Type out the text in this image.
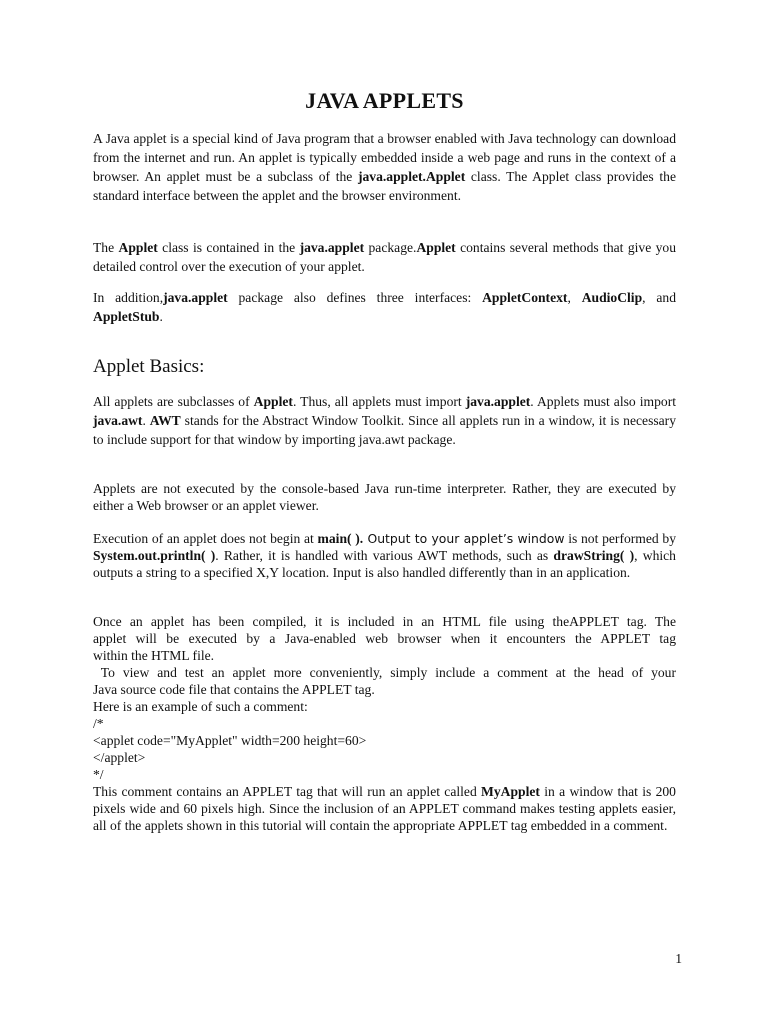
JAVA APPLETS

A Java applet is a special kind of Java program that a browser enabled with Java technology can download from the internet and run. An applet is typically embedded inside a web page and runs in the context of a browser. An applet must be a subclass of the java.applet.Applet class. The Applet class provides the standard interface between the applet and the browser environment.

The Applet class is contained in the java.applet package.Applet contains several methods that give you detailed control over the execution of your applet.

In addition,java.applet package also defines three interfaces: AppletContext, AudioClip, and AppletStub.

Applet Basics:

All applets are subclasses of Applet. Thus, all applets must import java.applet. Applets must also import java.awt. AWT stands for the Abstract Window Toolkit. Since all applets run in a window, it is necessary to include support for that window by importing java.awt package.

Applets are not executed by the console-based Java run-time interpreter. Rather, they are executed by either a Web browser or an applet viewer.

Execution of an applet does not begin at main( ). Output to your applet’s window is not performed by System.out.println( ). Rather, it is handled with various AWT methods, such as drawString( ), which outputs a string to a specified X,Y location. Input is also handled differently than in an application.

Once an applet has been compiled, it is included in an HTML file using theAPPLET tag. The
applet will be executed by a Java-enabled web browser when it encounters the APPLET tag
within the HTML file.
To view and test an applet more conveniently, simply include a comment at the head of your
Java source code file that contains the APPLET tag.
Here is an example of such a comment:
/*
<applet code="MyApplet" width=200 height=60>
</applet>
*/

This comment contains an APPLET tag that will run an applet called MyApplet in a window that is 200 pixels wide and 60 pixels high. Since the inclusion of an APPLET command makes testing applets easier, all of the applets shown in this tutorial will contain the appropriate APPLET tag embedded in a comment.

1
